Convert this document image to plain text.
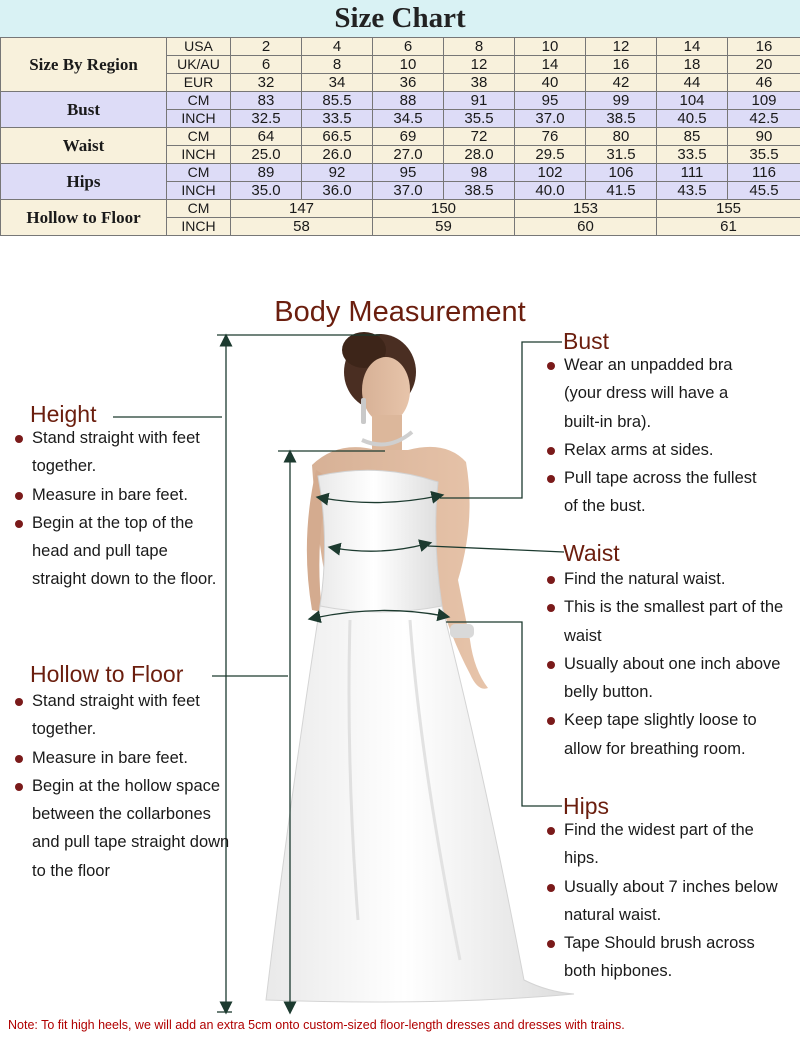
Size Chart
Size By Region	USA	2	4	6	8	10	12	14	16
	UK/AU	6	8	10	12	14	16	18	20
	EUR	32	34	36	38	40	42	44	46
Bust	CM	83	85.5	88	91	95	99	104	109
	INCH	32.5	33.5	34.5	35.5	37.0	38.5	40.5	42.5
Waist	CM	64	66.5	69	72	76	80	85	90
	INCH	25.0	26.0	27.0	28.0	29.5	31.5	33.5	35.5
Hips	CM	89	92	95	98	102	106	111	116
	INCH	35.0	36.0	37.0	38.5	40.0	41.5	43.5	45.5
Hollow to Floor	CM	147		150		153		155	
	INCH	58		59		60		61	
Body Measurement
Height
Stand straight with feet together.
Measure in bare feet.
Begin at the top of the head and pull tape straight down to the floor.
Hollow to Floor
Stand straight with feet together.
Measure in bare feet.
Begin at the hollow space between the collarbones and pull tape straight down to the floor
Bust
Wear an unpadded bra (your dress will have a built-in bra).
Relax arms at sides.
Pull tape across the fullest of the bust.
Waist
Find the natural waist.
This is the smallest part of the waist
Usually about one inch above belly button.
Keep tape slightly loose to allow for breathing room.
Hips
Find the widest part of the hips.
Usually about 7 inches below natural waist.
Tape Should brush across both hipbones.
Note: To fit high heels, we will add an extra 5cm onto custom-sized floor-length dresses and dresses with trains.
